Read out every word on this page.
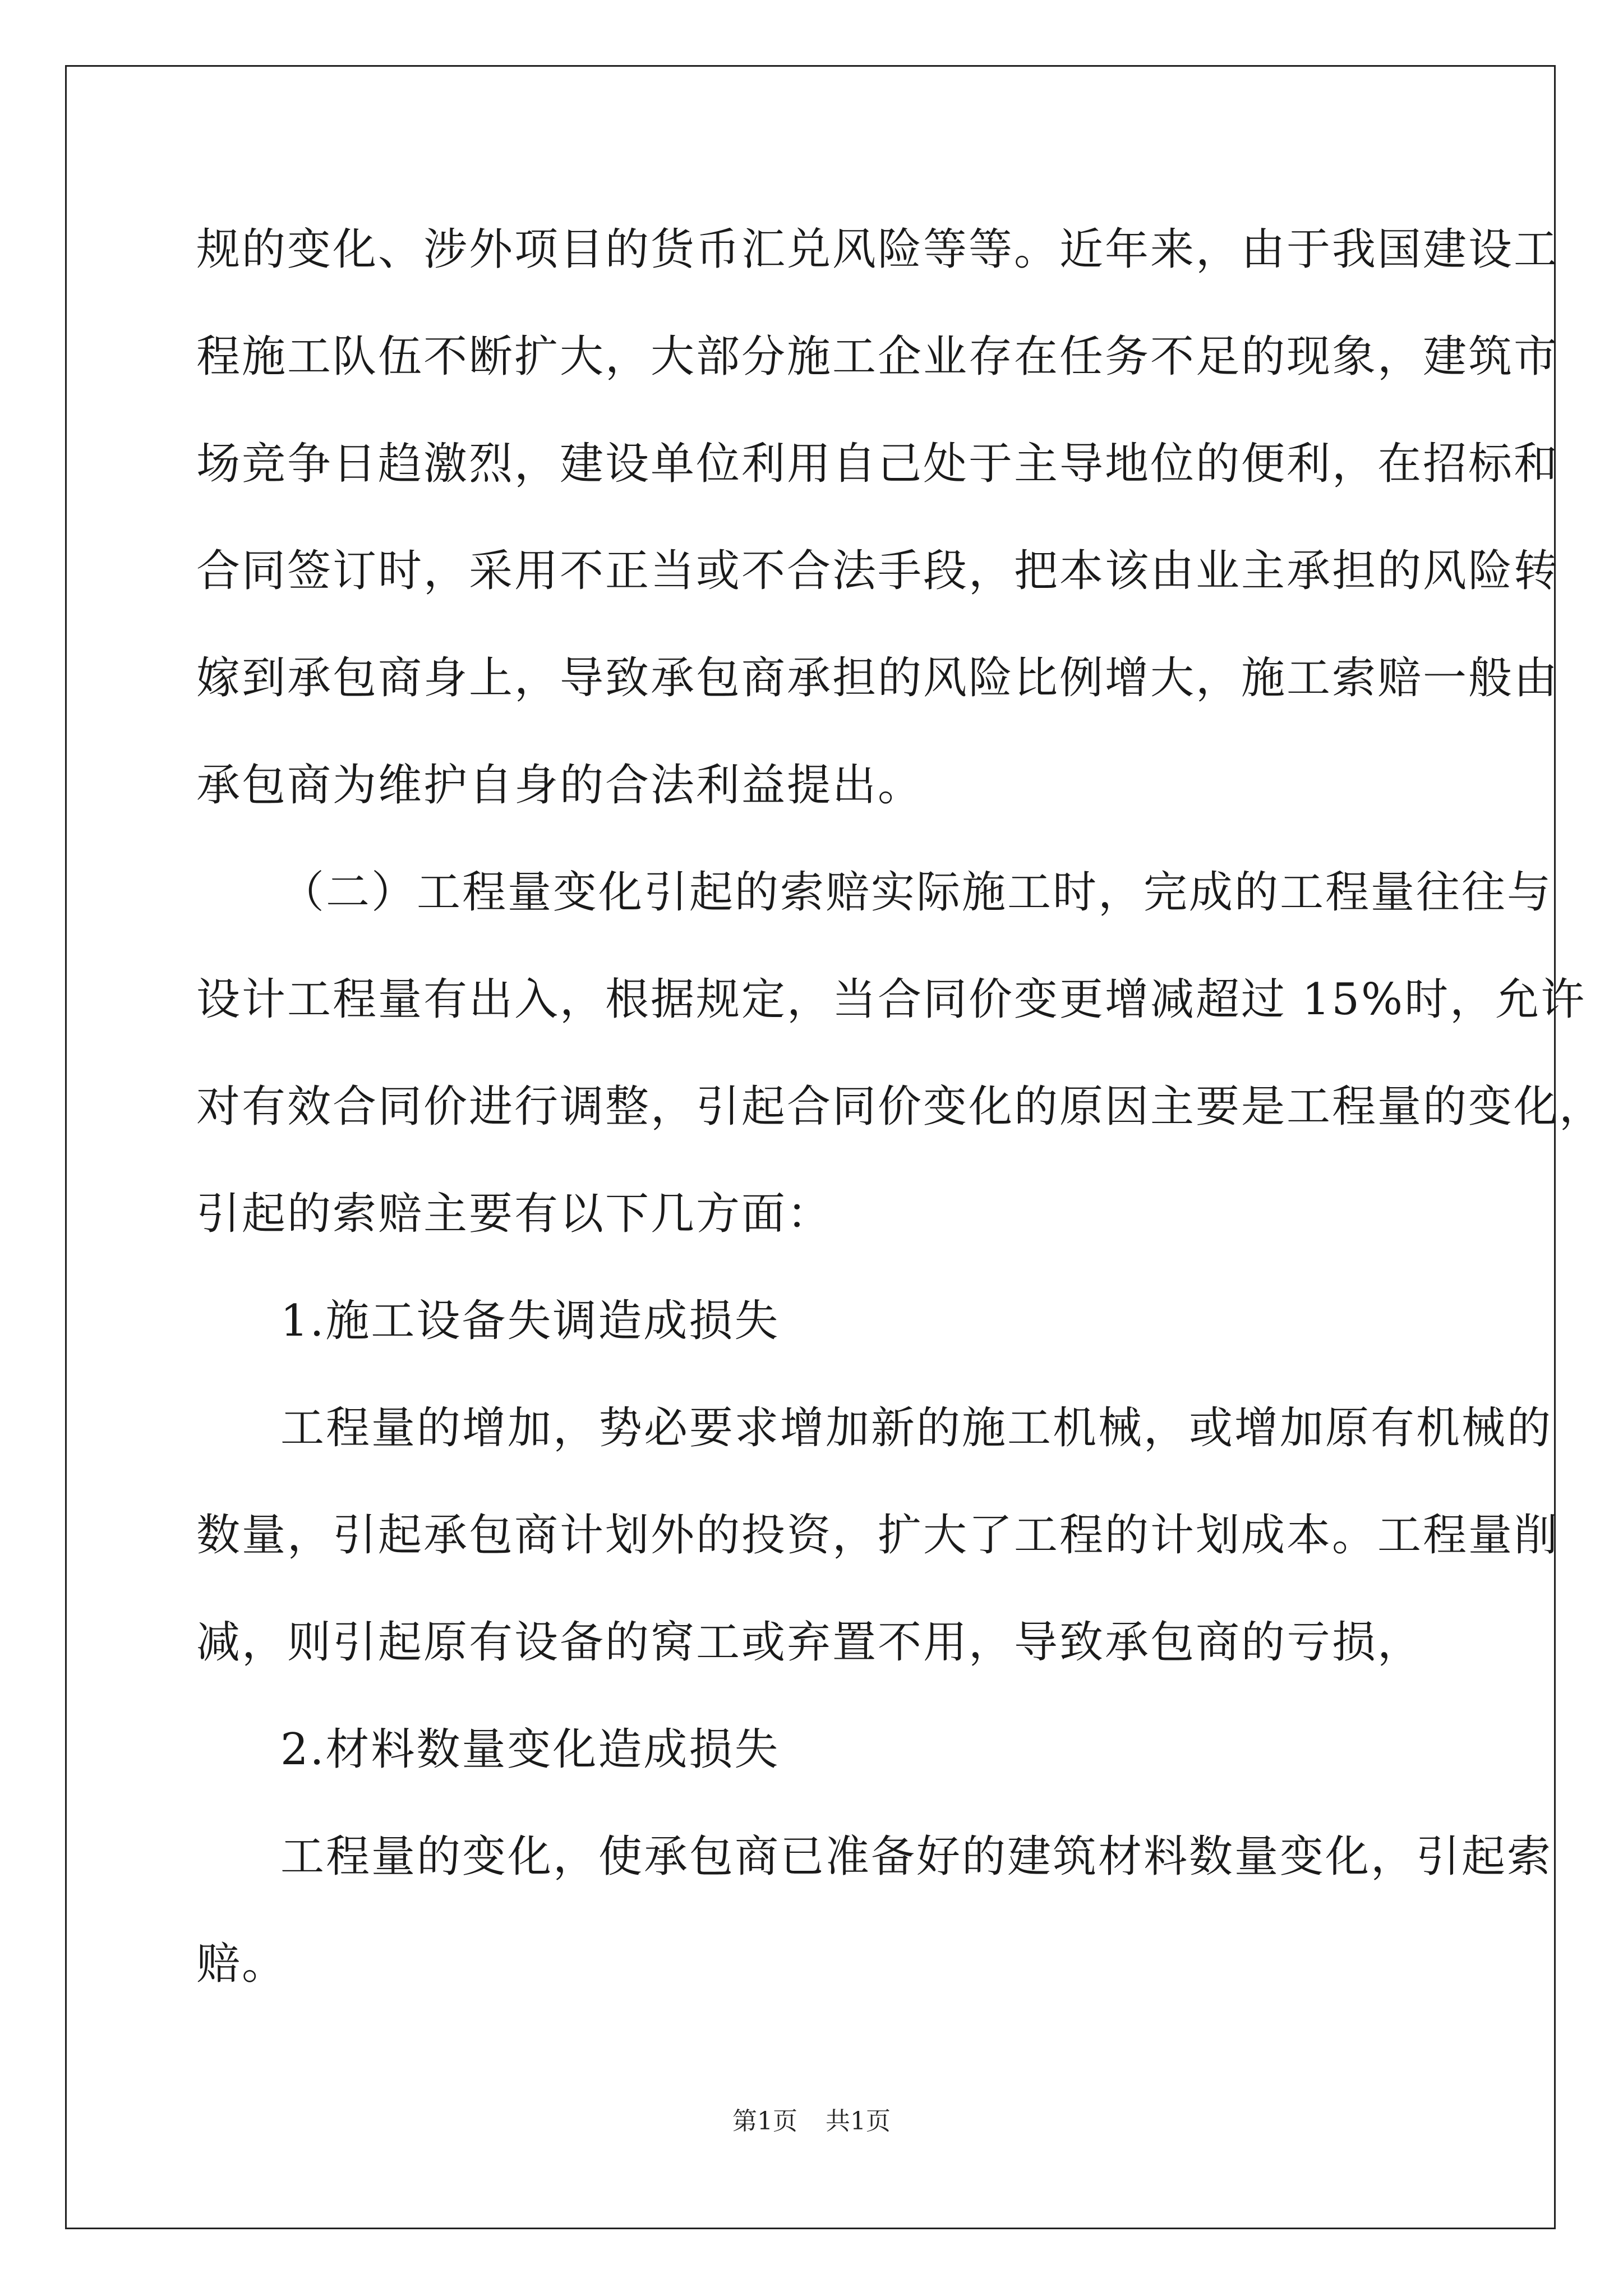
规的变化、涉外项目的货币汇兑风险等等。近年来，由于我国建设工
程施工队伍不断扩大，大部分施工企业存在任务不足的现象，建筑市
场竞争日趋激烈，建设单位利用自己处于主导地位的便利，在招标和
合同签订时，采用不正当或不合法手段，把本该由业主承担的风险转
嫁到承包商身上，导致承包商承担的风险比例增大，施工索赔一般由
承包商为维护自身的合法利益提出。
（二）工程量变化引起的索赔实际施工时，完成的工程量往往与
设计工程量有出入，根据规定，当合同价变更增减超过 15%时，允许
对有效合同价进行调整，引起合同价变化的原因主要是工程量的变化，
引起的索赔主要有以下几方面：
1.施工设备失调造成损失
工程量的增加，势必要求增加新的施工机械，或增加原有机械的
数量，引起承包商计划外的投资，扩大了工程的计划成本。工程量削
减，则引起原有设备的窝工或弃置不用，导致承包商的亏损，
2.材料数量变化造成损失
工程量的变化，使承包商已准备好的建筑材料数量变化，引起索
赔。
第1页 共1页
